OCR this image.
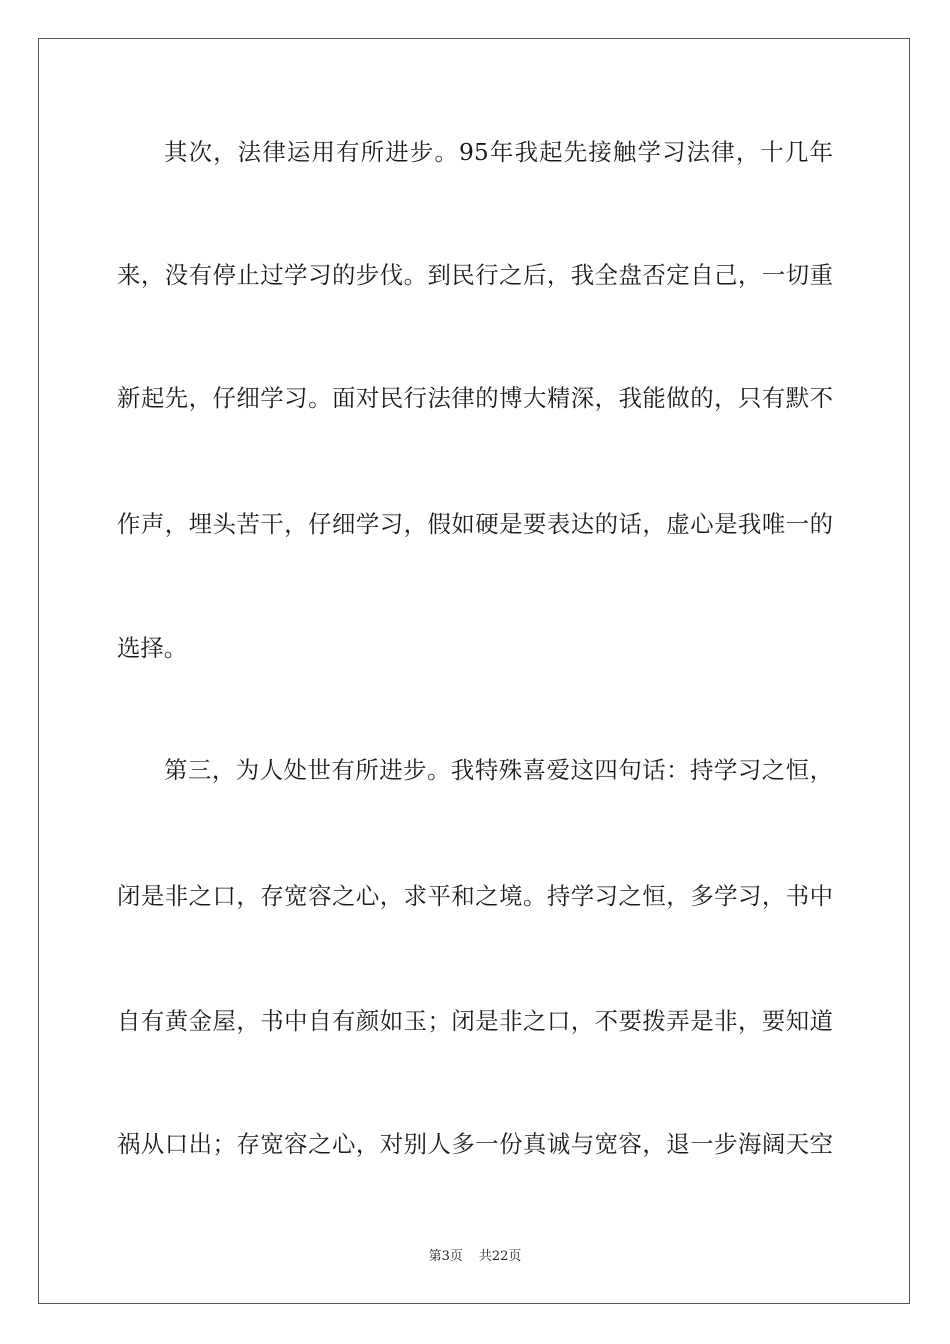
其次，法律运用有所进步。95年我起先接触学习法律，十几年
来，没有停止过学习的步伐。到民行之后，我全盘否定自己，一切重
新起先，仔细学习。面对民行法律的博大精深，我能做的，只有默不
作声，埋头苦干，仔细学习，假如硬是要表达的话，虚心是我唯一的
选择。
第三，为人处世有所进步。我特殊喜爱这四句话：持学习之恒，
闭是非之口，存宽容之心，求平和之境。持学习之恒，多学习，书中
自有黄金屋，书中自有颜如玉；闭是非之口，不要拨弄是非，要知道
祸从口出；存宽容之心，对别人多一份真诚与宽容，退一步海阔天空
第3页 共22页
